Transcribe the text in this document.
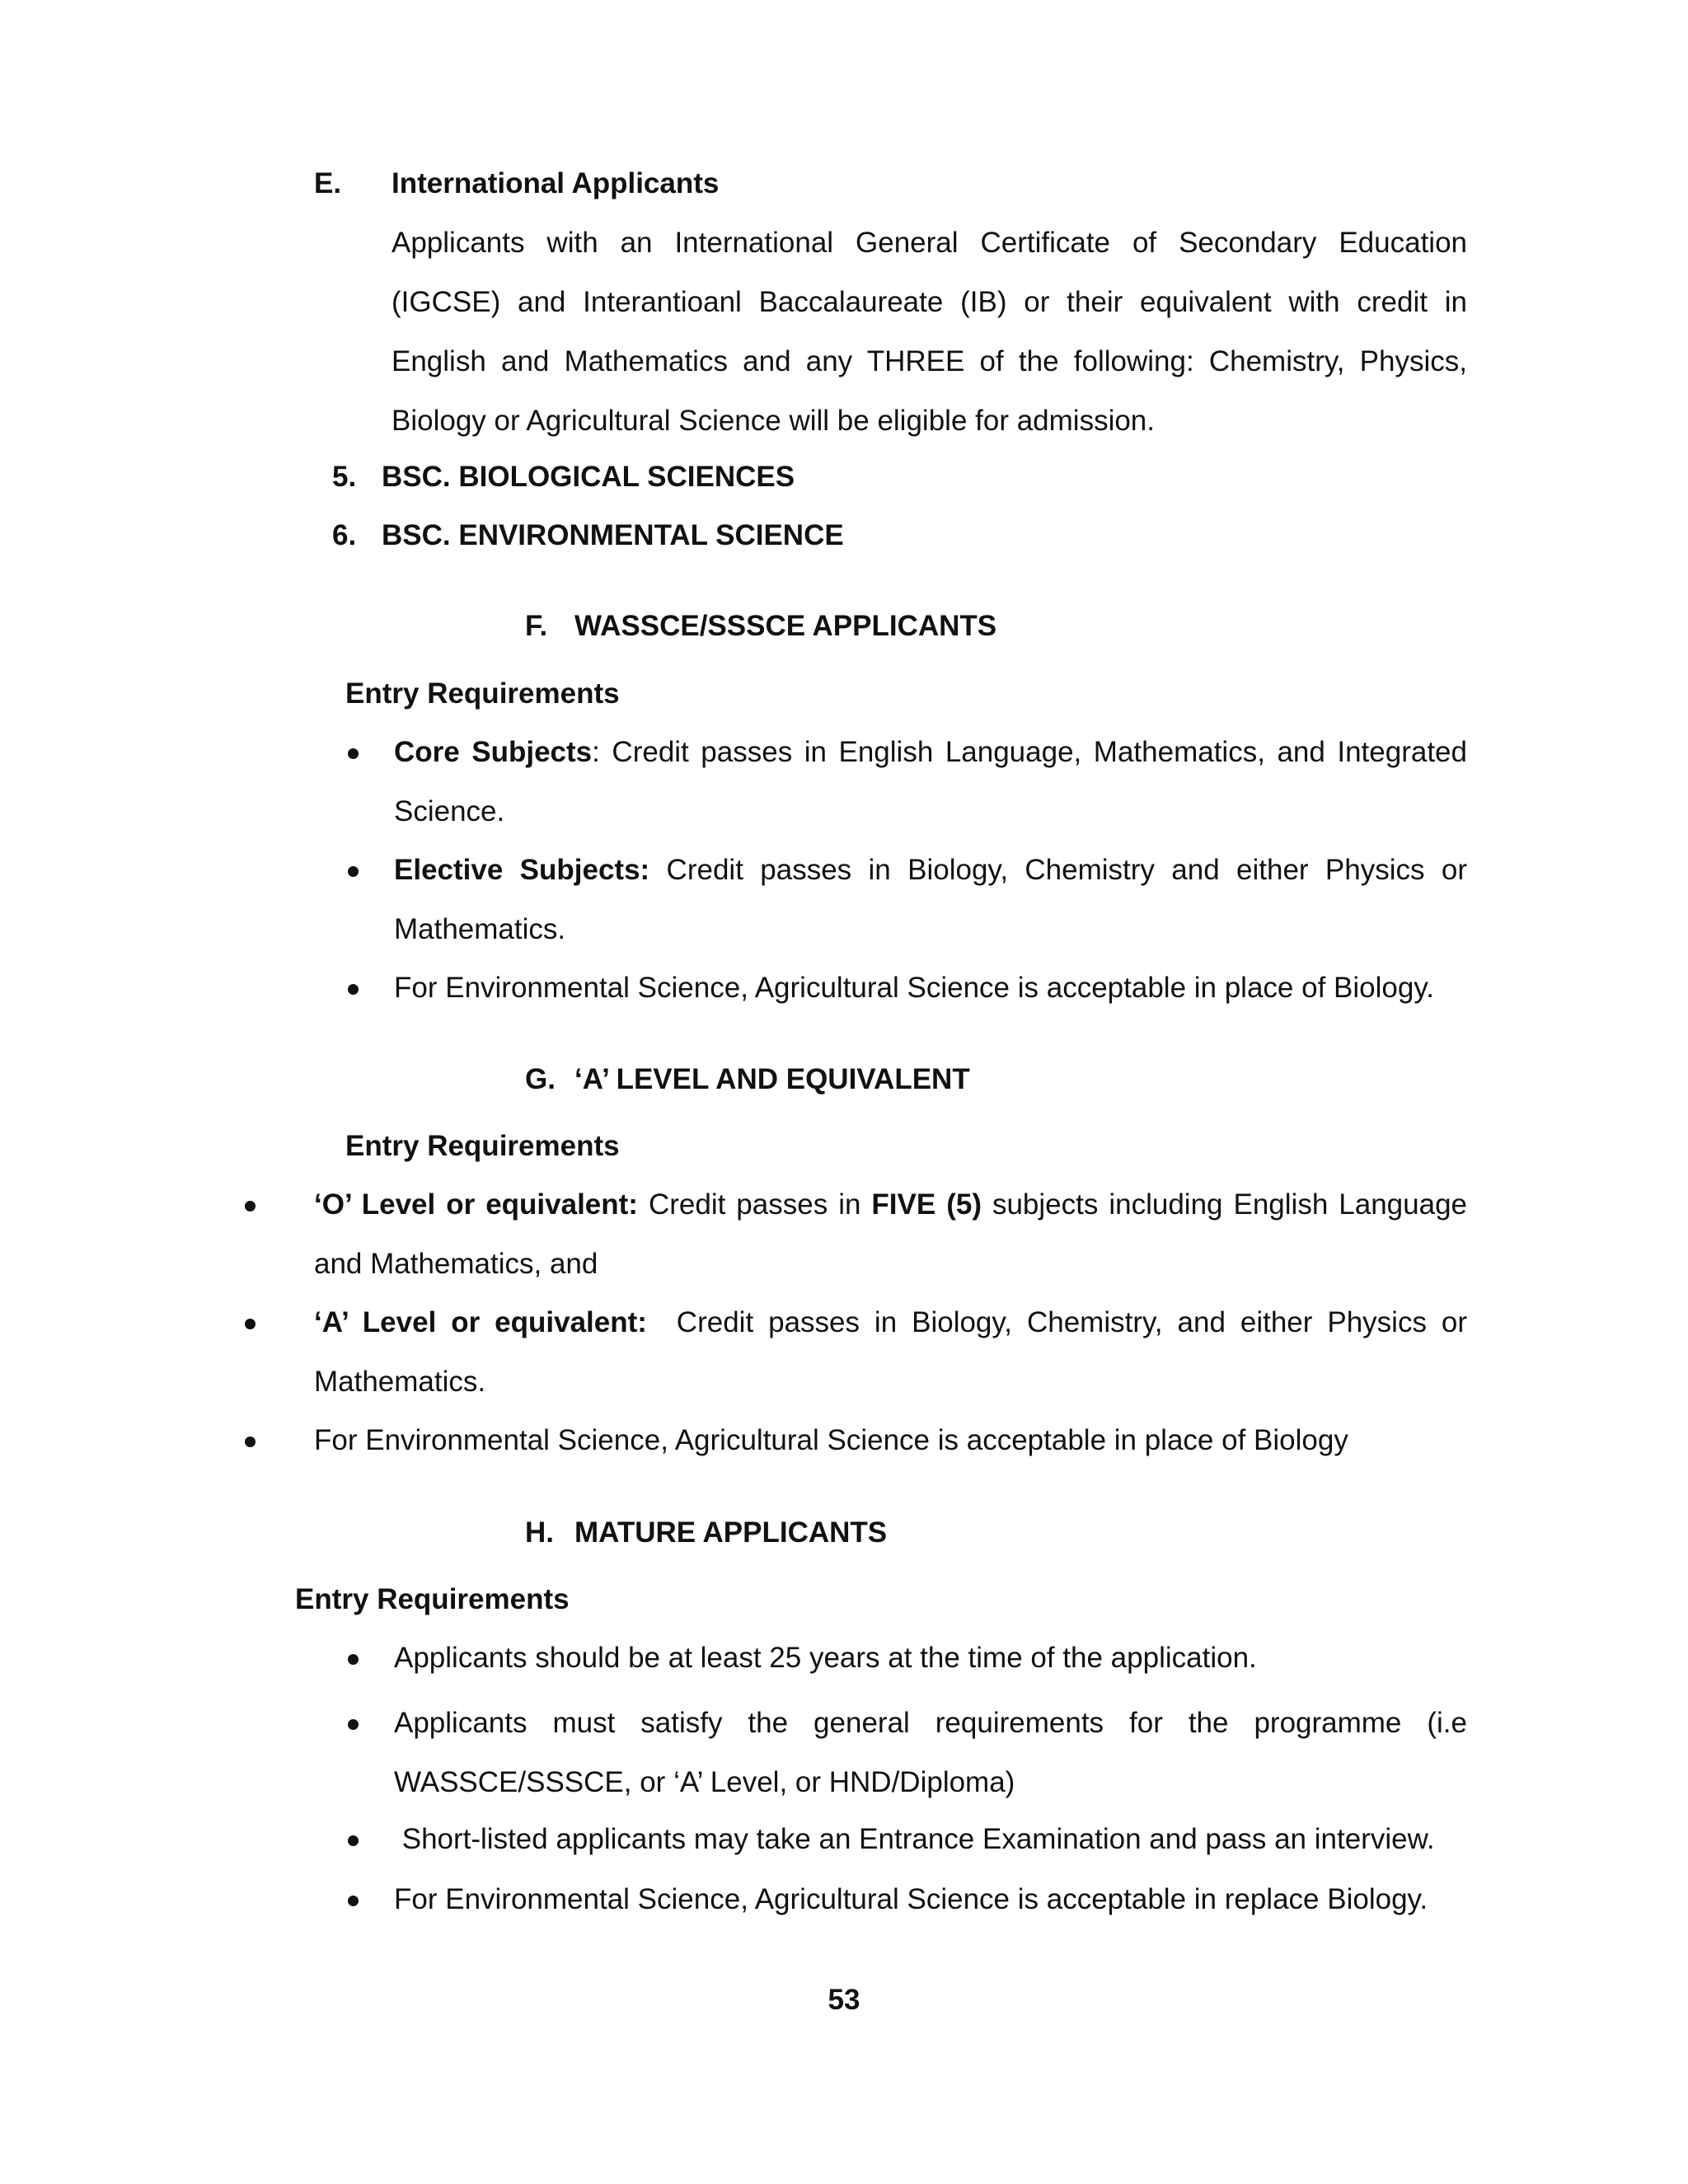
E. International Applicants
Applicants with an International General Certificate of Secondary Education (IGCSE) and Interantioanl Baccalaureate (IB) or their equivalent with credit in English and Mathematics and any THREE of the following: Chemistry, Physics, Biology or Agricultural Science will be eligible for admission.
5. BSC. BIOLOGICAL SCIENCES
6. BSC. ENVIRONMENTAL SCIENCE
F. WASSCE/SSSCE APPLICANTS
Entry Requirements
Core Subjects: Credit passes in English Language, Mathematics, and Integrated Science.
Elective Subjects: Credit passes in Biology, Chemistry and either Physics or Mathematics.
For Environmental Science, Agricultural Science is acceptable in place of Biology.
G. ‘A’ LEVEL AND EQUIVALENT
Entry Requirements
‘O’ Level or equivalent: Credit passes in FIVE (5) subjects including English Language and Mathematics, and
‘A’ Level or equivalent:  Credit passes in Biology, Chemistry, and either Physics or Mathematics.
For Environmental Science, Agricultural Science is acceptable in place of Biology
H. MATURE APPLICANTS
Entry Requirements
Applicants should be at least 25 years at the time of the application.
Applicants must satisfy the general requirements for the programme (i.e WASSCE/SSSCE, or ‘A’ Level, or HND/Diploma)
Short-listed applicants may take an Entrance Examination and pass an interview.
For Environmental Science, Agricultural Science is acceptable in replace Biology.
53
